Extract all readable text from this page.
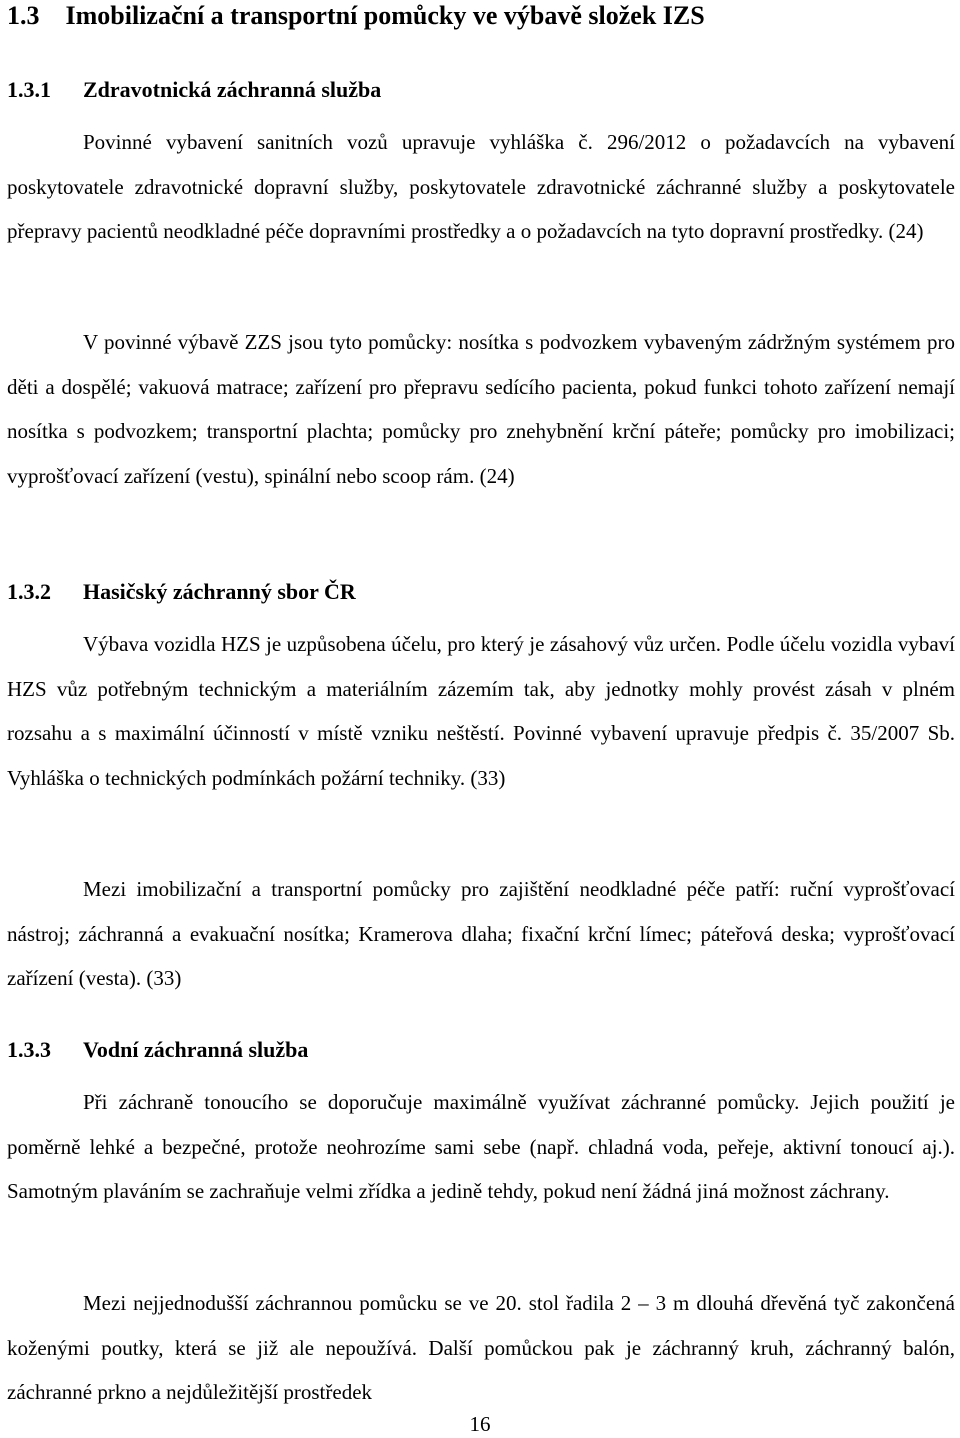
1.3 Imobilizační a transportní pomůcky ve výbavě složek IZS
1.3.1 Zdravotnická záchranná služba

Povinné vybavení sanitních vozů upravuje vyhláška č. 296/2012 o požadavcích na vybavení poskytovatele zdravotnické dopravní služby, poskytovatele zdravotnické záchranné služby a poskytovatele přepravy pacientů neodkladné péče dopravními prostředky a o požadavcích na tyto dopravní prostředky. (24)

V povinné výbavě ZZS jsou tyto pomůcky: nosítka s podvozkem vybaveným zádržným systémem pro děti a dospělé; vakuová matrace; zařízení pro přepravu sedícího pacienta, pokud funkci tohoto zařízení nemají nosítka s podvozkem; transportní plachta; pomůcky pro znehybnění krční páteře; pomůcky pro imobilizaci; vyprošťovací zařízení (vestu), spinální nebo scoop rám. (24)

1.3.2 Hasičský záchranný sbor ČR

Výbava vozidla HZS je uzpůsobena účelu, pro který je zásahový vůz určen. Podle účelu vozidla vybaví HZS vůz potřebným technickým a materiálním zázemím tak, aby jednotky mohly provést zásah v plném rozsahu a s maximální účinností v místě vzniku neštěstí. Povinné vybavení upravuje předpis č. 35/2007 Sb. Vyhláška o technických podmínkách požární techniky. (33)

Mezi imobilizační a transportní pomůcky pro zajištění neodkladné péče patří: ruční vyprošťovací nástroj; záchranná a evakuační nosítka; Kramerova dlaha; fixační krční límec; páteřová deska; vyprošťovací zařízení (vesta). (33)

1.3.3 Vodní záchranná služba

Při záchraně tonoucího se doporučuje maximálně využívat záchranné pomůcky. Jejich použití je poměrně lehké a bezpečné, protože neohrozíme sami sebe (např. chladná voda, peřeje, aktivní tonoucí aj.). Samotným plaváním se zachraňuje velmi zřídka a jedině tehdy, pokud není žádná jiná možnost záchrany.

Mezi nejjednodušší záchrannou pomůcku se ve 20. stol řadila 2 – 3 m dlouhá dřevěná tyč zakončená koženými poutky, která se již ale nepoužívá. Další pomůckou pak je záchranný kruh, záchranný balón, záchranné prkno a nejdůležitější prostředek

16
